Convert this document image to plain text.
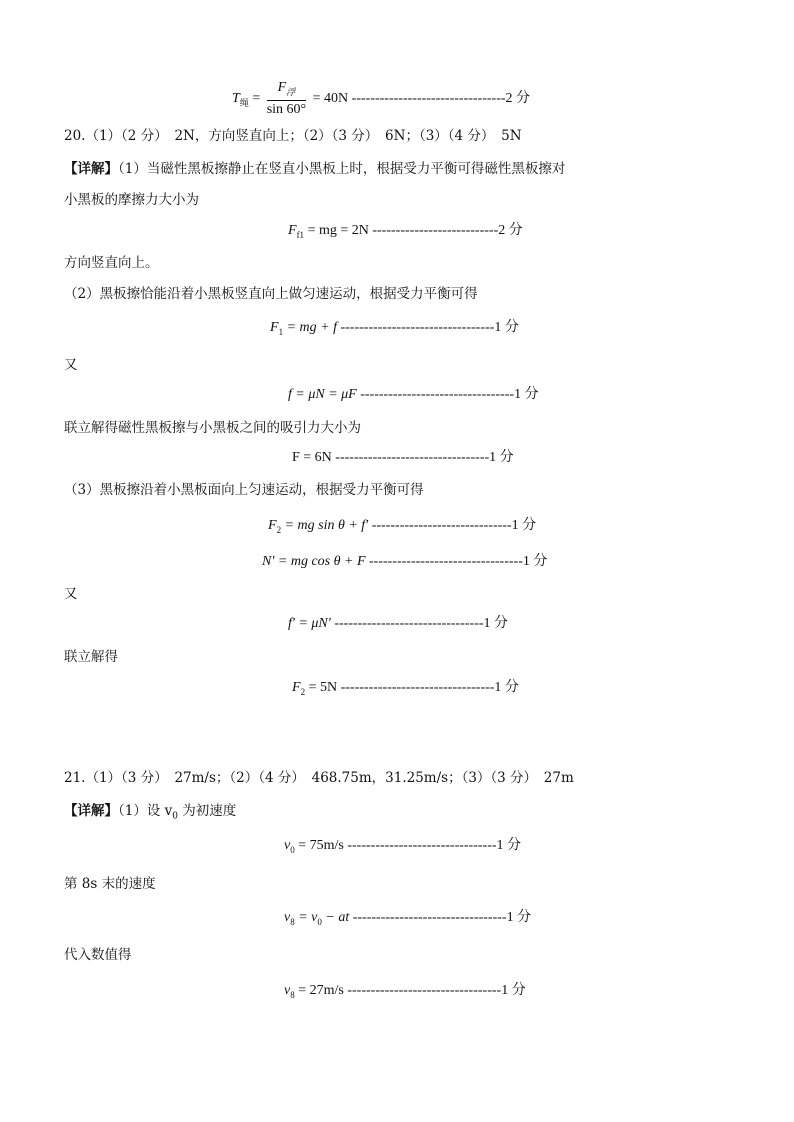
$T_绳 = \frac{F_浮}{\sin 60^\circ} = 40N$ ---------------------------------2 分
20.（1）（2 分）　2N，方向竖直向上；（2）（3 分）　6N；（3）（4 分）　5N
【详解】（1）当磁性黑板擦静止在竖直小黑板上时，根据受力平衡可得磁性黑板擦对
小黑板的摩擦力大小为
$F_{f1}$ = mg = 2N ---------------------------2 分
方向竖直向上。
（2）黑板擦恰能沿着小黑板竖直向上做匀速运动，根据受力平衡可得
$F_1$ = mg + f ---------------------------------1 分
又
f = μN = μF ---------------------------------1 分
联立解得磁性黑板擦与小黑板之间的吸引力大小为
F = 6N ---------------------------------1 分
（3）黑板擦沿着小黑板面向上匀速运动，根据受力平衡可得
$F_2$ = mg sin θ + f′ ------------------------------1 分
N′ = mg cos θ + F ---------------------------------1 分
又
f′ = μN′ --------------------------------1 分
联立解得
$F_2 = 5N$ ---------------------------------1 分
21.（1）（3 分）　27m/s；（2）（4 分）　468.75m，31.25m/s；（3）（3 分）　27m
【详解】（1）设 $v_0$ 为初速度
$v_0 = 75m/s$ --------------------------------1 分
第 8s 末的速度
$v_8 = v_0$ − at ---------------------------------1 分
代入数值得
$v_8 = 27m/s$ ---------------------------------1 分
